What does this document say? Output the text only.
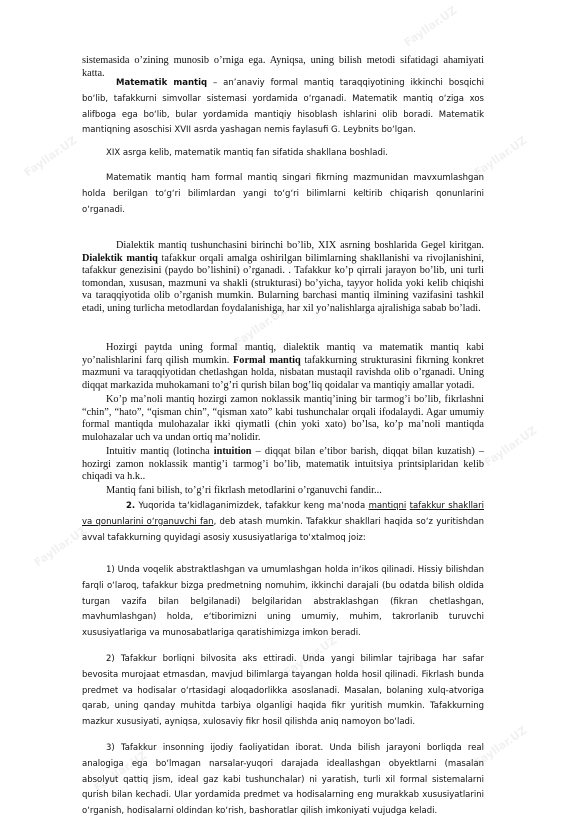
Fayllar.UZ
Fayllar.UZ
Fayllar.UZ
Fayllar.UZ
Fayllar.UZ
Fayllar.UZ
Fayllar.UZ
Fayllar.UZ
Fayllar.UZ

sistemasida o’zining munosib o’rniga ega. Ayniqsa, uning bilish metodi sifatidagi ahamiyati katta.

Matematik mantiq – an’anaviy formal mantiq taraqqiyotining ikkinchi bosqichi bo‘lib, tafakkurni simvollar sistemasi yordamida o‘rganadi. Matematik mantiq o‘ziga xos alifboga ega bo‘lib, bular yordamida mantiqiy hisoblash ishlarini olib boradi. Matematik mantiqning asoschisi XVII asrda yashagan nemis faylasufi G. Leybnits bo‘lgan.

XIX asrga kelib, matematik mantiq fan sifatida shakllana boshladi.

Matematik mantiq ham formal mantiq singari fikrning mazmunidan mavxumlashgan holda berilgan to‘g‘ri bilimlardan yangi to‘g‘ri bilimlarni keltirib chiqarish qonunlarini o‘rganadi.

Dialektik mantiq tushunchasini birinchi bo’lib, XIX asrning boshlarida Gegel kiritgan. Dialektik mantiq tafakkur orqali amalga oshirilgan bilimlarning shakllanishi va rivojlanishini, tafakkur genezisini (paydo bo’lishini) o’rganadi. . Tafakkur ko’p qirrali jarayon bo’lib, uni turli tomondan, xususan, mazmuni va shakli (strukturasi) bo’yicha, tayyor holida yoki kelib chiqishi va taraqqiyotida olib o’rganish mumkin. Bularning barchasi mantiq ilmining vazifasini tashkil etadi, uning turlicha metodlardan foydalanishiga, har xil yo’nalishlarga ajralishiga sabab bo’ladi.

Hozirgi paytda uning formal mantiq, dialektik mantiq va matematik mantiq kabi yo’nalishlarini farq qilish mumkin. Formal mantiq tafakkurning strukturasini fikrning konkret mazmuni va taraqqiyotidan chetlashgan holda, nisbatan mustaqil ravishda olib o’rganadi. Uning diqqat markazida muhokamani to’g’ri qurish bilan bog’liq qoidalar va mantiqiy amallar yotadi.

Ko’p ma’noli mantiq hozirgi zamon noklassik mantiq’ining bir tarmog’i bo’lib, fikrlashni “chin”, “hato”, “qisman chin”, “qisman xato” kabi tushunchalar orqali ifodalaydi. Agar umumiy formal mantiqda mulohazalar ikki qiymatli (chin yoki xato) bo’lsa, ko’p ma’noli mantiqda mulohazalar uch va undan ortiq ma’nolidir.

Intuitiv mantiq (lotincha intuition – diqqat bilan e’tibor barish, diqqat bilan kuzatish) – hozirgi zamon noklassik mantig’i tarmog’i bo’lib, matematik intuitsiya printsiplaridan kelib chiqadi va h.k..

Mantiq fani bilish, to’g’ri fikrlash metodlarini o’rganuvchi fandir...

2. Yuqorida ta‘kidlaganimizdek, tafakkur keng ma‘noda mantiqni tafakkur shakllari va qonunlarini o‘rganuvchi fan, deb atash mumkin. Tafakkur shakllari haqida so‘z yuritishdan avval tafakkurning quyidagi asosiy xususiyatlariga to‘xtalmoq joiz:

1) Unda voqelik abstraktlashgan va umumlashgan holda in‘ikos qilinadi. Hissiy bilishdan farqli o‘laroq, tafakkur bizga predmetning nomuhim, ikkinchi darajali (bu odatda bilish oldida turgan vazifa bilan belgilanadi) belgilaridan abstraklashgan (fikran chetlashgan, mavhumlashgan) holda, e‘tiborimizni uning umumiy, muhim, takrorlanib turuvchi xususiyatlariga va munosabatlariga qaratishimizga imkon beradi.

2) Tafakkur borliqni bilvosita aks ettiradi. Unda yangi bilimlar tajribaga har safar bevosita murojaat etmasdan, mavjud bilimlarga tayangan holda hosil qilinadi. Fikrlash bunda predmet va hodisalar o‘rtasidagi aloqadorlikka asoslanadi. Masalan, bolaning xulq-atvoriga qarab, uning qanday muhitda tarbiya olganligi haqida fikr yuritish mumkin. Tafakkurning mazkur xususiyati, ayniqsa, xulosaviy fikr hosil qilishda aniq namoyon bo‘ladi.

3) Tafakkur insonning ijodiy faoliyatidan iborat. Unda bilish jarayoni borliqda real analogiga ega bo‘lmagan narsalar-yuqori darajada ideallashgan obyektlarni (masalan absolyut qattiq jism, ideal gaz kabi tushunchalar) ni yaratish, turli xil formal sistemalarni qurish bilan kechadi. Ular yordamida predmet va hodisalarning eng murakkab xususiyatlarini o‘rganish, hodisalarni oldindan ko‘rish, bashoratlar qilish imkoniyati vujudga keladi.
